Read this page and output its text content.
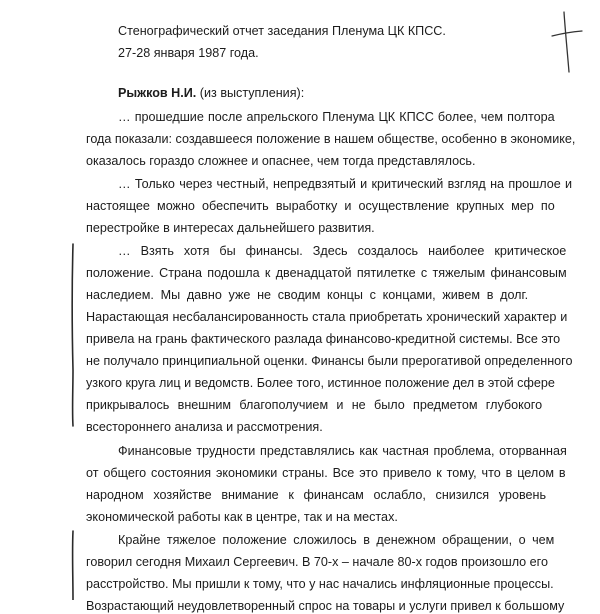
Стенографический отчет заседания Пленума ЦК КПСС.
27-28 января 1987 года.
Рыжков Н.И. (из выступления):
… прошедшие после апрельского Пленума ЦК КПСС более, чем полтора
года показали: создавшееся положение в нашем обществе, особенно в экономике,
оказалось гораздо сложнее и опаснее, чем тогда представлялось.
… Только через честный, непредвзятый и критический взгляд на прошлое и
настоящее можно обеспечить выработку и осуществление крупных мер по
перестройке в интересах дальнейшего развития.
… Взять хотя бы финансы. Здесь создалось наиболее критическое
положение. Страна подошла к двенадцатой пятилетке с тяжелым финансовым
наследием. Мы давно уже не сводим концы с концами, живем в долг.
Нарастающая несбалансированность стала приобретать хронический характер и
привела на грань фактического разлада финансово-кредитной системы. Все это
не получало принципиальной оценки. Финансы были прерогативой определенного
узкого круга лиц и ведомств. Более того, истинное положение дел в этой сфере
прикрывалось внешним благополучием и не было предметом глубокого
всестороннего анализа и рассмотрения.
Финансовые трудности представлялись как частная проблема, оторванная
от общего состояния экономики страны. Все это привело к тому, что в целом в
народном хозяйстве внимание к финансам ослабло, снизился уровень
экономической работы как в центре, так и на местах.
Крайне тяжелое положение сложилось в денежном обращении, о чем
говорил сегодня Михаил Сергеевич. В 70-х – начале 80-х годов произошло его
расстройство. Мы пришли к тому, что у нас начались инфляционные процессы.
Возрастающий неудовлетворенный спрос на товары и услуги привел к большому
